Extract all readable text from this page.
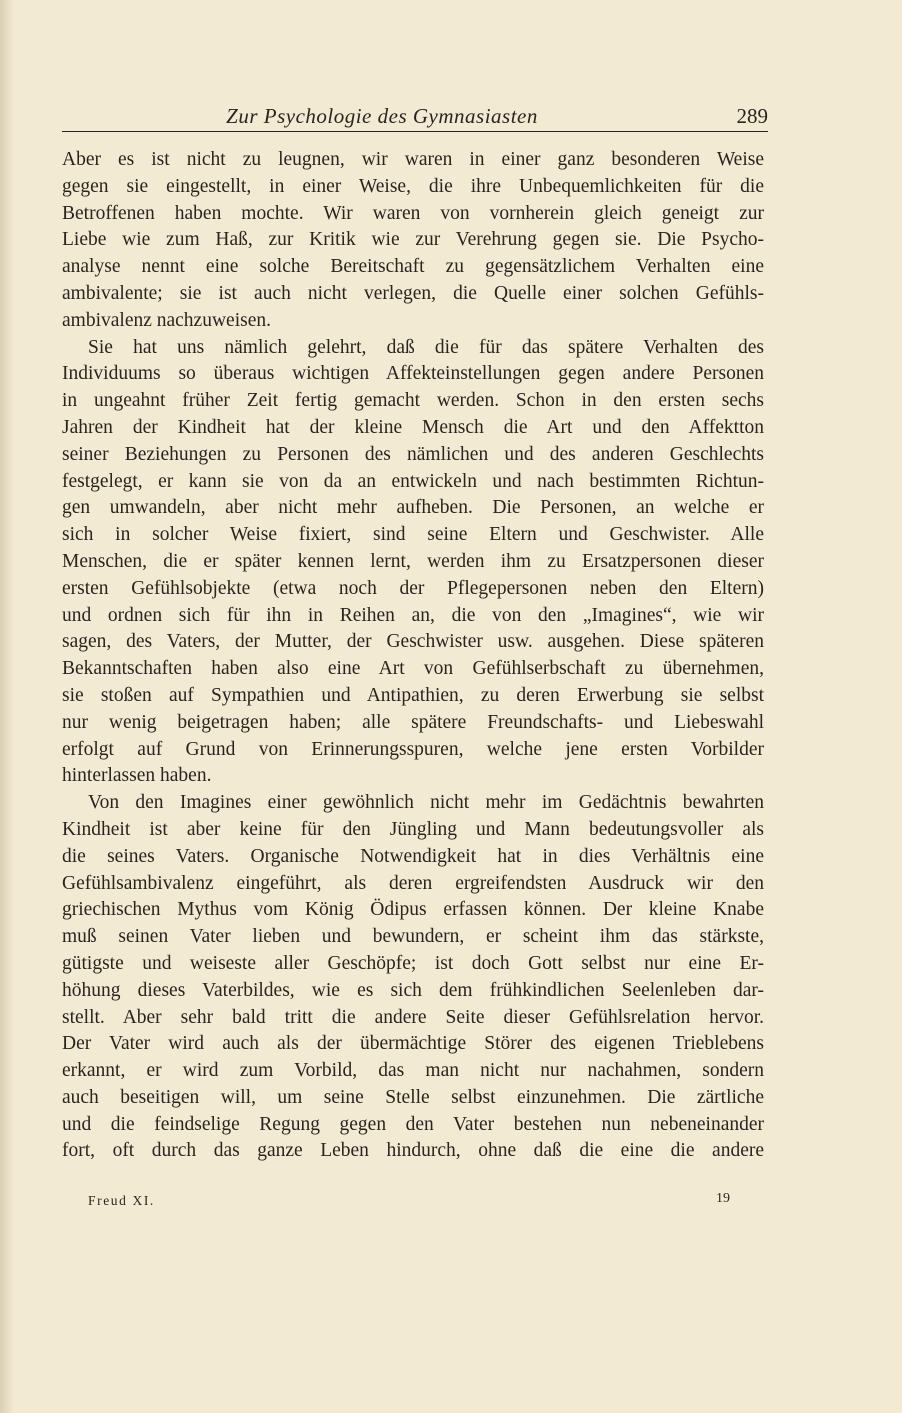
Zur Psychologie des Gymnasiasten	289
Aber es ist nicht zu leugnen, wir waren in einer ganz besonderen Weise
gegen sie eingestellt, in einer Weise, die ihre Unbequemlichkeiten für die
Betroffenen haben mochte. Wir waren von vornherein gleich geneigt zur
Liebe wie zum Haß, zur Kritik wie zur Verehrung gegen sie. Die Psycho-
analyse nennt eine solche Bereitschaft zu gegensätzlichem Verhalten eine
ambivalente; sie ist auch nicht verlegen, die Quelle einer solchen Gefühls-
ambivalenz nachzuweisen.
Sie hat uns nämlich gelehrt, daß die für das spätere Verhalten des
Individuums so überaus wichtigen Affekteinstellungen gegen andere Personen
in ungeahnt früher Zeit fertig gemacht werden. Schon in den ersten sechs
Jahren der Kindheit hat der kleine Mensch die Art und den Affektton
seiner Beziehungen zu Personen des nämlichen und des anderen Geschlechts
festgelegt, er kann sie von da an entwickeln und nach bestimmten Richtun-
gen umwandeln, aber nicht mehr aufheben. Die Personen, an welche er
sich in solcher Weise fixiert, sind seine Eltern und Geschwister. Alle
Menschen, die er später kennen lernt, werden ihm zu Ersatzpersonen dieser
ersten Gefühlsobjekte (etwa noch der Pflegepersonen neben den Eltern)
und ordnen sich für ihn in Reihen an, die von den „Imagines“, wie wir
sagen, des Vaters, der Mutter, der Geschwister usw. ausgehen. Diese späteren
Bekanntschaften haben also eine Art von Gefühlserbschaft zu übernehmen,
sie stoßen auf Sympathien und Antipathien, zu deren Erwerbung sie selbst
nur wenig beigetragen haben; alle spätere Freundschafts- und Liebeswahl
erfolgt auf Grund von Erinnerungsspuren, welche jene ersten Vorbilder
hinterlassen haben.
Von den Imagines einer gewöhnlich nicht mehr im Gedächtnis bewahrten
Kindheit ist aber keine für den Jüngling und Mann bedeutungsvoller als
die seines Vaters. Organische Notwendigkeit hat in dies Verhältnis eine
Gefühlsambivalenz eingeführt, als deren ergreifendsten Ausdruck wir den
griechischen Mythus vom König Ödipus erfassen können. Der kleine Knabe
muß seinen Vater lieben und bewundern, er scheint ihm das stärkste,
gütigste und weiseste aller Geschöpfe; ist doch Gott selbst nur eine Er-
höhung dieses Vaterbildes, wie es sich dem frühkindlichen Seelenleben dar-
stellt. Aber sehr bald tritt die andere Seite dieser Gefühlsrelation hervor.
Der Vater wird auch als der übermächtige Störer des eigenen Trieblebens
erkannt, er wird zum Vorbild, das man nicht nur nachahmen, sondern
auch beseitigen will, um seine Stelle selbst einzunehmen. Die zärtliche
und die feindselige Regung gegen den Vater bestehen nun nebeneinander
fort, oft durch das ganze Leben hindurch, ohne daß die eine die andere
Freud XI.	19
